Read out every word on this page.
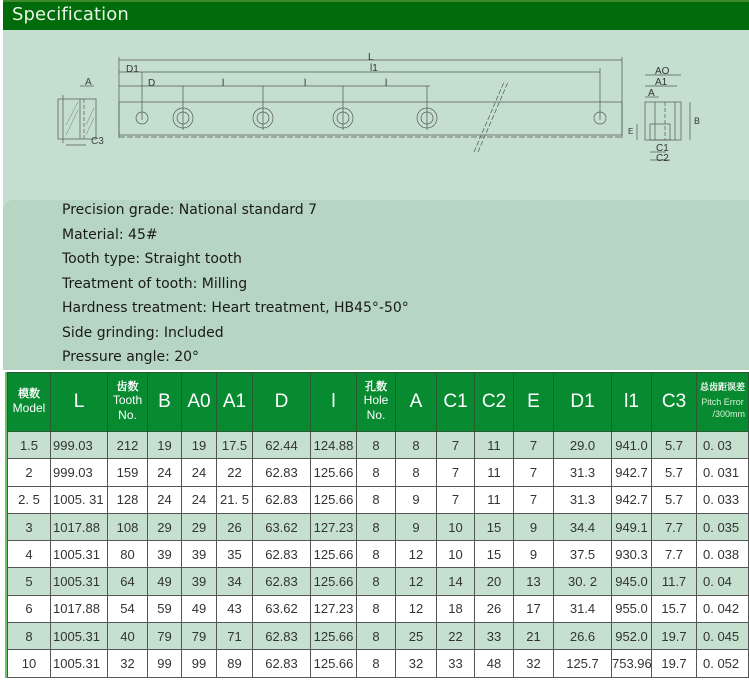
Specification
A
C3
L
l1
D1
D	l	l	l
AO
A1
A
B
E
C1
C2
Precision grade: National standard 7
Material: 45#
Tooth type: Straight tooth
Treatment of tooth: Milling
Hardness treatment: Heart treatment, HB45°-50°
Side grinding: Included
Pressure angle: 20°
模数
Model	L	齿数
Tooth
No.	B	A0	A1	D	l	孔数
Hole
No.	A	C1	C2	E	D1	l1	C3	总齿距误差
Pitch Error
/300mm

1.5	999.03	212	19	19	17.5	62.44	124.88	8	8	7	11	7	29.0	941.0	5.7	0. 03
2	999.03	159	24	24	22	62.83	125.66	8	8	7	11	7	31.3	942.7	5.7	0. 031
2. 5	1005. 31	128	24	24	21. 5	62.83	125.66	8	9	7	11	7	31.3	942.7	5.7	0. 033
3	1017.88	108	29	29	26	63.62	127.23	8	9	10	15	9	34.4	949.1	7.7	0. 035
4	1005.31	80	39	39	35	62.83	125.66	8	12	10	15	9	37.5	930.3	7.7	0. 038
5	1005.31	64	49	39	34	62.83	125.66	8	12	14	20	13	30. 2	945.0	11.7	0. 04
6	1017.88	54	59	49	43	63.62	127.23	8	12	18	26	17	31.4	955.0	15.7	0. 042
8	1005.31	40	79	79	71	62.83	125.66	8	25	22	33	21	26.6	952.0	19.7	0. 045
10	1005.31	32	99	99	89	62.83	125.66	8	32	33	48	32	125.7	753.96	19.7	0. 052
